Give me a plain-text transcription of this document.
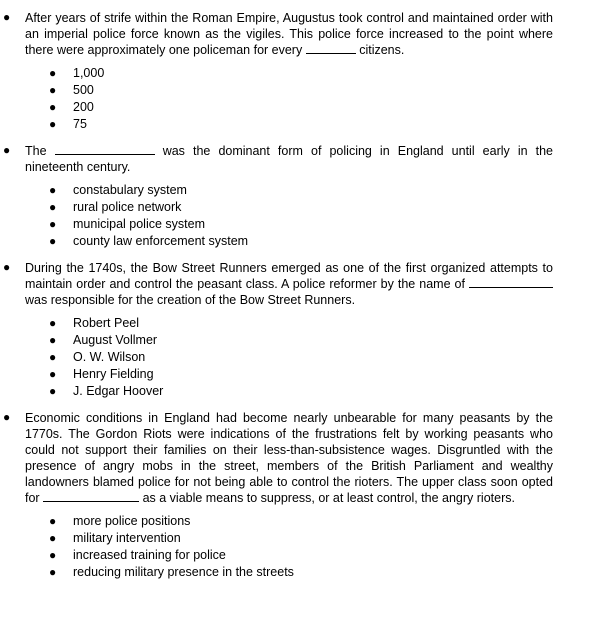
● After years of strife within the Roman Empire, Augustus took control and maintained order with an imperial police force known as the vigiles. This police force increased to the point where there were approximately one policeman for every	citizens.

● 1,000
● 500
● 200
● 75
● The	was the dominant form of policing in England until early in the nineteenth century.

● constabulary system
● rural police network
● municipal police system
● county law enforcement system
● During the 1740s, the Bow Street Runners emerged as one of the first organized attempts to maintain order and control the peasant class. A police reformer by the name of  was responsible for the creation of the Bow Street Runners.

● Robert Peel
● August Vollmer
● O. W. Wilson
● Henry Fielding
● J. Edgar Hoover
● Economic conditions in England had become nearly unbearable for many peasants by the 1770s. The Gordon Riots were indications of the frustrations felt by working peasants who could not support their families on their less-than-subsistence wages. Disgruntled with the presence of angry mobs in the street, members of the British Parliament and wealthy landowners blamed police for not being able to control the rioters. The upper class soon opted for	as a viable means to suppress, or at least control, the angry rioters.

● more police positions
● military intervention
● increased training for police
● reducing military presence in the streets
